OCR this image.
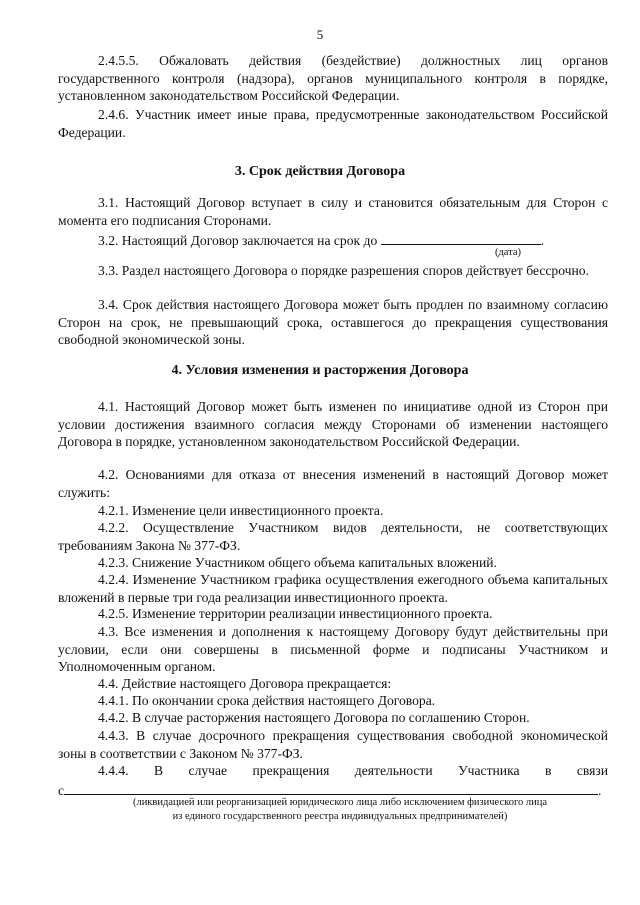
5

2.4.5.5. Обжаловать действия (бездействие) должностных лиц органов государственного контроля (надзора), органов муниципального контроля в порядке, установленном законодательством Российской Федерации.

2.4.6. Участник имеет иные права, предусмотренные законодательством Российской Федерации.

3. Срок действия Договора

3.1. Настоящий Договор вступает в силу и становится обязательным для Сторон с момента его подписания Сторонами.

3.2. Настоящий Договор заключается на срок до	.

(дата)

3.3. Раздел настоящего Договора о порядке разрешения споров действует бессрочно.

3.4. Срок действия настоящего Договора может быть продлен по взаимному согласию Сторон на срок, не превышающий срока, оставшегося до прекращения существования свободной экономической зоны.

4. Условия изменения и расторжения Договора

4.1. Настоящий Договор может быть изменен по инициативе одной из Сторон при условии достижения взаимного согласия между Сторонами об изменении настоящего Договора в порядке, установленном законодательством Российской Федерации.

4.2. Основаниями для отказа от внесения изменений в настоящий Договор может служить:

4.2.1. Изменение цели инвестиционного проекта.

4.2.2. Осуществление Участником видов деятельности, не соответствующих требованиям Закона № 377-ФЗ.

4.2.3. Снижение Участником общего объема капитальных вложений.

4.2.4. Изменение Участником графика осуществления ежегодного объема капитальных вложений в первые три года реализации инвестиционного проекта.

4.2.5. Изменение территории реализации инвестиционного проекта.

4.3. Все изменения и дополнения к настоящему Договору будут действительны при условии, если они совершены в письменной форме и подписаны Участником и Уполномоченным органом.

4.4. Действие настоящего Договора прекращается:

4.4.1. По окончании срока действия настоящего Договора.

4.4.2. В случае расторжения настоящего Договора по соглашению Сторон.

4.4.3. В случае досрочного прекращения существования свободной экономической зоны в соответствии с Законом № 377-ФЗ.

4.4.4. В случае прекращения деятельности Участника в связи

с	.

(ликвидацией или реорганизацией юридического лица либо исключением физического лица

из единого государственного реестра индивидуальных предпринимателей)
